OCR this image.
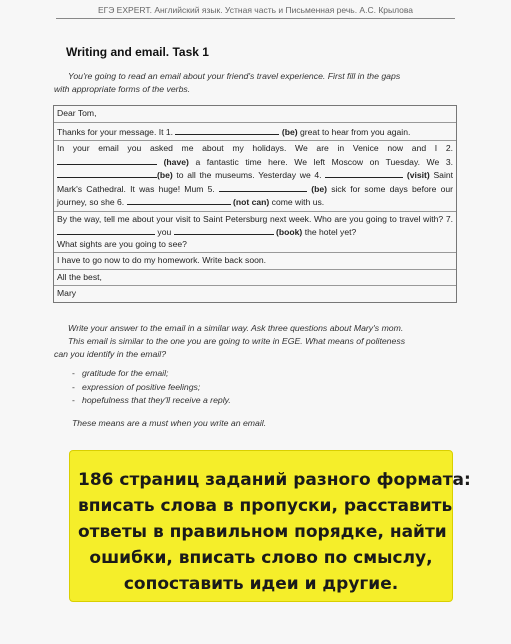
ЕГЭ EXPERT. Английский язык. Устная часть и Письменная речь. А.С. Крылова
Writing and email. Task 1
You're going to read an email about your friend's travel experience. First fill in the gaps
with appropriate forms of the verbs.
Dear Tom,
Thanks for your message. It 1.	(be) great to hear from you again.
In your email you asked me about my holidays. We are in Venice now and I 2.  (have) a fantastic time here. We left Moscow on Tuesday. We 3. (be) to all the museums. Yesterday we 4.	(visit) Saint Mark's Cathedral. It was huge! Mum 5.	(be) sick for some days before our journey, so she 6.	(not can) come with us.
By the way, tell me about your visit to Saint Petersburg next week. Who are you going to travel with? 7.  you	(book) the hotel yet?
What sights are you going to see?
I have to go now to do my homework. Write back soon.
All the best,
Mary
Write your answer to the email in a similar way. Ask three questions about Mary's mom.
This email is similar to the one you are going to write in EGE. What means of politeness
can you identify in the email?
- gratitude for the email;
- expression of positive feelings;
- hopefulness that they'll receive a reply.
These means are a must when you write an email.
186 страниц заданий разного формата:
вписать слова в пропуски, расставить
ответы в правильном порядке, найти
ошибки, вписать слово по смыслу,
сопоставить идеи и другие.
